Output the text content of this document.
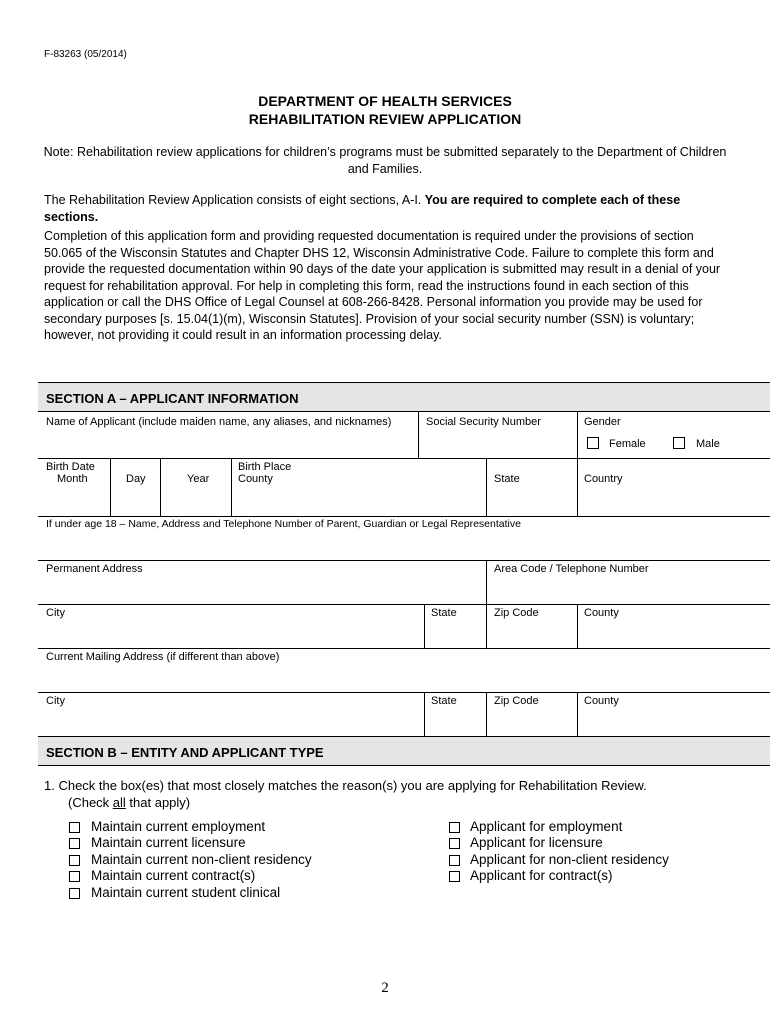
F-83263 (05/2014)
DEPARTMENT OF HEALTH SERVICES
REHABILITATION REVIEW APPLICATION
Note: Rehabilitation review applications for children’s programs must be submitted separately to the Department of Children and Families.
The Rehabilitation Review Application consists of eight sections, A-I. You are required to complete each of these sections.
Completion of this application form and providing requested documentation is required under the provisions of section 50.065 of the Wisconsin Statutes and Chapter DHS 12, Wisconsin Administrative Code. Failure to complete this form and provide the requested documentation within 90 days of the date your application is submitted may result in a denial of your request for rehabilitation approval. For help in completing this form, read the instructions found in each section of this application or call the DHS Office of Legal Counsel at 608-266-8428. Personal information you provide may be used for secondary purposes [s. 15.04(1)(m), Wisconsin Statutes]. Provision of your social security number (SSN) is voluntary; however, not providing it could result in an information processing delay.
SECTION A – APPLICANT INFORMATION
Name of Applicant (include maiden name, any aliases, and nicknames)	Social Security Number	Gender
Female	Male
Birth Date
Month	Day	Year
Birth Place
County	State	Country
If under age 18 – Name, Address and Telephone Number of Parent, Guardian or Legal Representative
Permanent Address	Area Code / Telephone Number
City	State	Zip Code	County
Current Mailing Address (if different than above)
City	State	Zip Code	County
SECTION B – ENTITY AND APPLICANT TYPE
1. Check the box(es) that most closely matches the reason(s) you are applying for Rehabilitation Review.
(Check all that apply)
Maintain current employment
Maintain current licensure
Maintain current non-client residency
Maintain current contract(s)
Maintain current student clinical
Applicant for employment
Applicant for licensure
Applicant for non-client residency
Applicant for contract(s)
2
